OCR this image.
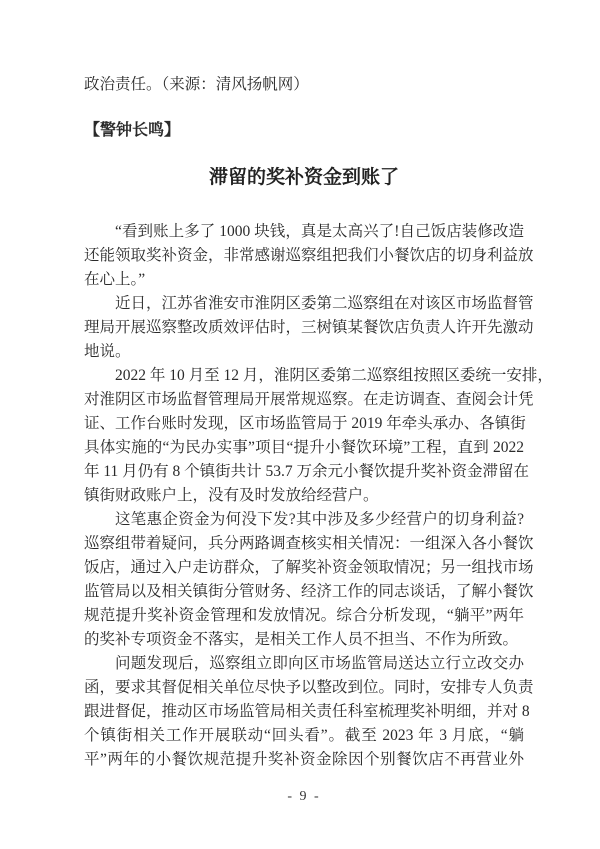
政治责任。（来源：清风扬帆网）

【警钟长鸣】

滞留的奖补资金到账了

“看到账上多了 1000 块钱，真是太高兴了!自己饭店装修改造

还能领取奖补资金，非常感谢巡察组把我们小餐饮店的切身利益放

在心上。”

近日，江苏省淮安市淮阴区委第二巡察组在对该区市场监督管

理局开展巡察整改质效评估时，三树镇某餐饮店负责人许开先激动

地说。

2022 年 10 月至 12 月，淮阴区委第二巡察组按照区委统一安排，

对淮阴区市场监督管理局开展常规巡察。在走访调查、查阅会计凭

证、工作台账时发现，区市场监管局于 2019 年牵头承办、各镇街

具体实施的“为民办实事”项目“提升小餐饮环境”工程，直到 2022

年 11 月仍有 8 个镇街共计 53.7 万余元小餐饮提升奖补资金滞留在

镇街财政账户上，没有及时发放给经营户。

这笔惠企资金为何没下发?其中涉及多少经营户的切身利益?

巡察组带着疑问，兵分两路调查核实相关情况：一组深入各小餐饮

饭店，通过入户走访群众，了解奖补资金领取情况；另一组找市场

监管局以及相关镇街分管财务、经济工作的同志谈话，了解小餐饮

规范提升奖补资金管理和发放情况。综合分析发现，“躺平”两年

的奖补专项资金不落实，是相关工作人员不担当、不作为所致。

问题发现后，巡察组立即向区市场监管局送达立行立改交办

函，要求其督促相关单位尽快予以整改到位。同时，安排专人负责

跟进督促，推动区市场监管局相关责任科室梳理奖补明细，并对 8

个镇街相关工作开展联动“回头看”。截至 2023 年 3 月底，“躺

平”两年的小餐饮规范提升奖补资金除因个别餐饮店不再营业外

- 9 -
